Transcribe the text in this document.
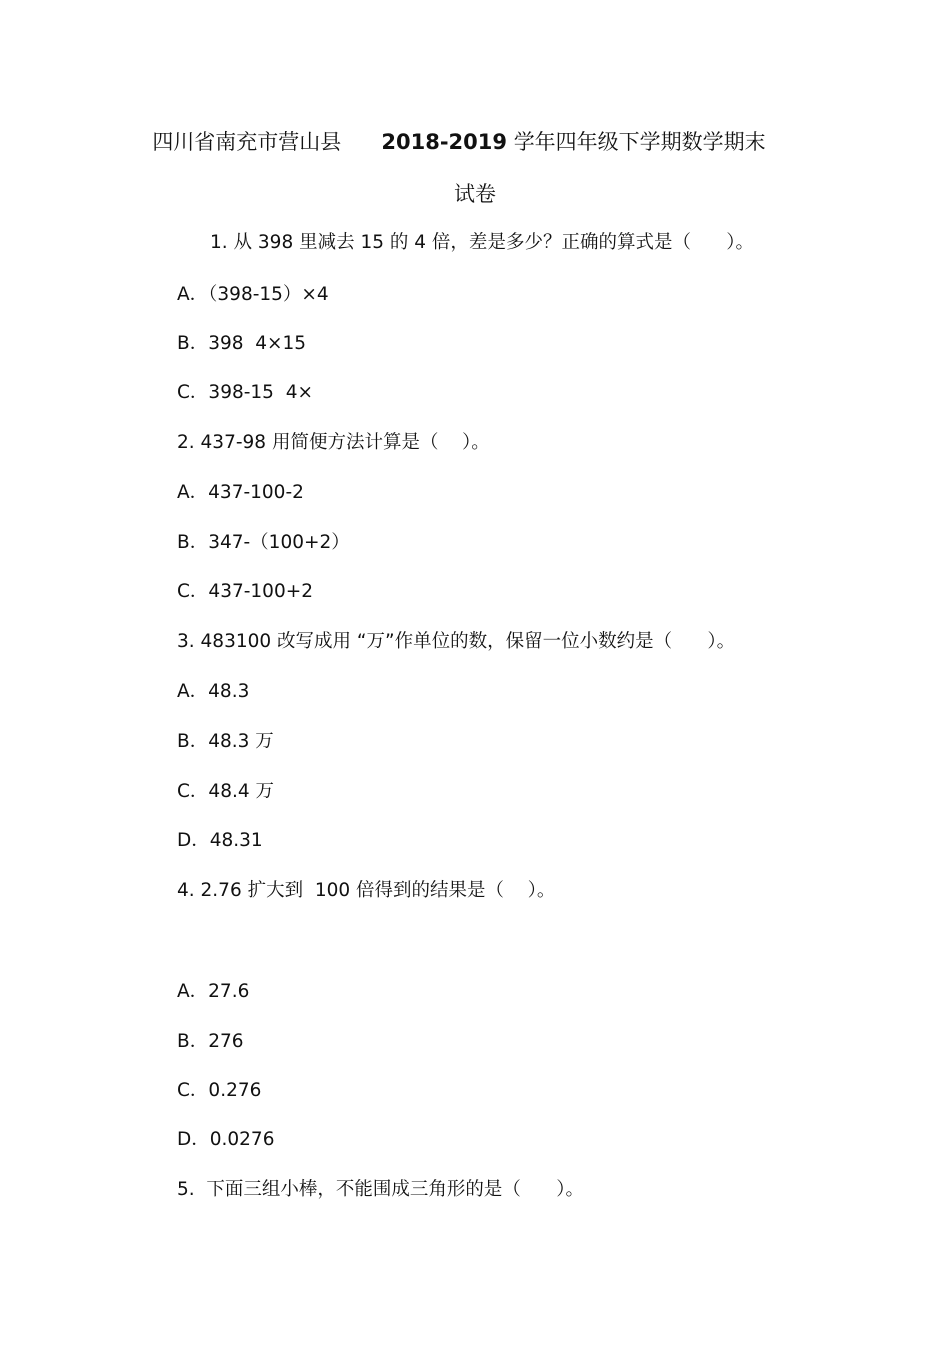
四川省南充市营山县 2018-2019 学年四年级下学期数学期末
试卷
1. 从 398 里减去 15 的 4 倍，差是多少？正确的算式是（      ）。
A．（398-15）×4
B．398  4×15
C．398-15  4×
2. 437-98 用简便方法计算是（    ）。
A．437-100-2
B．347-（100+2）
C．437-100+2
3. 483100 改写成用 “万”作单位的数，保留一位小数约是（      ）。
A．48.3
B．48.3 万
C．48.4 万
D．48.31
4. 2.76 扩大到  100 倍得到的结果是（    ）。
A．27.6
B．276
C．0.276
D．0.0276
5.  下面三组小棒，不能围成三角形的是（      ）。
